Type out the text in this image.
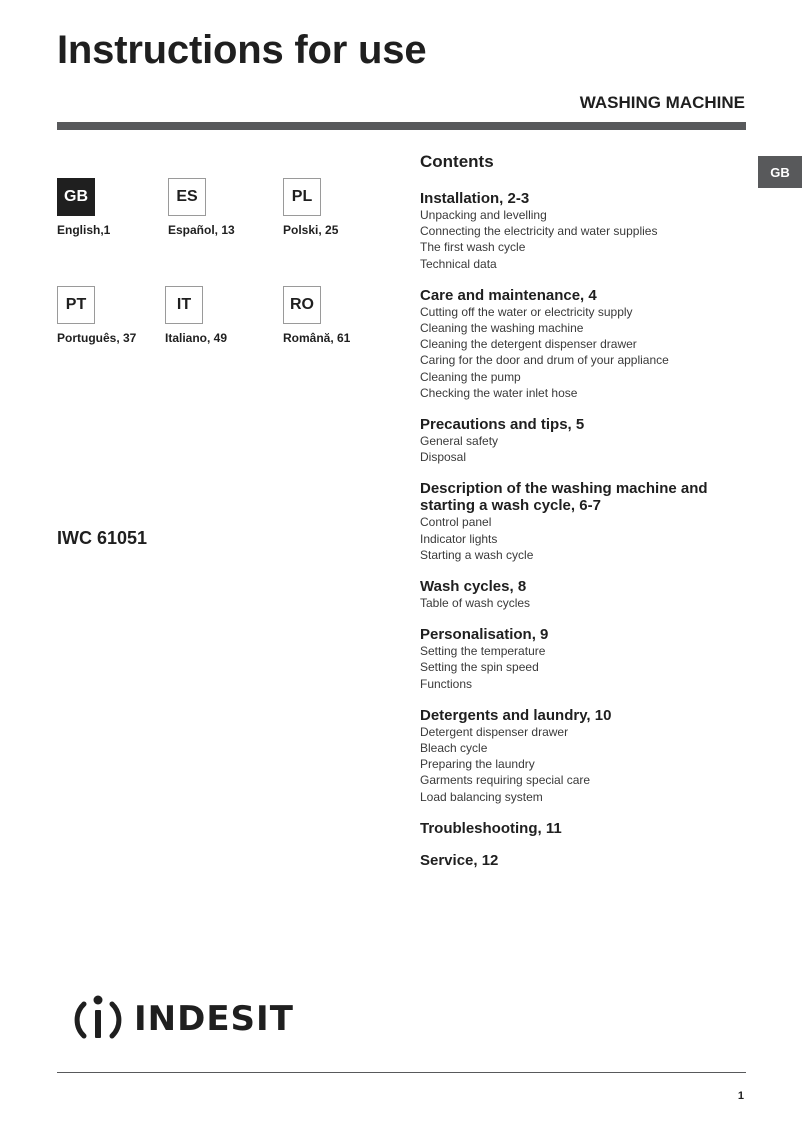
Instructions for use
WASHING MACHINE
GB
GB
English,1
ES
Español, 13
PL
Polski, 25
PT
Português, 37
IT
Italiano, 49
RO
Română, 61
IWC 61051
Contents
Installation, 2-3
Unpacking and levelling
Connecting the electricity and water supplies
The first wash cycle
Technical data
Care and maintenance, 4
Cutting off the water or electricity supply
Cleaning the washing machine
Cleaning the detergent dispenser drawer
Caring for the door and drum of your appliance
Cleaning the pump
Checking the water inlet hose
Precautions and tips, 5
General safety
Disposal
Description of the washing machine and starting a wash cycle, 6-7
Control panel
Indicator lights
Starting a wash cycle
Wash cycles, 8
Table of wash cycles
Personalisation, 9
Setting the temperature
Setting the spin speed
Functions
Detergents and laundry, 10
Detergent dispenser drawer
Bleach cycle
Preparing the laundry
Garments requiring special care
Load balancing system
Troubleshooting, 11
Service, 12
INDESIT
1
